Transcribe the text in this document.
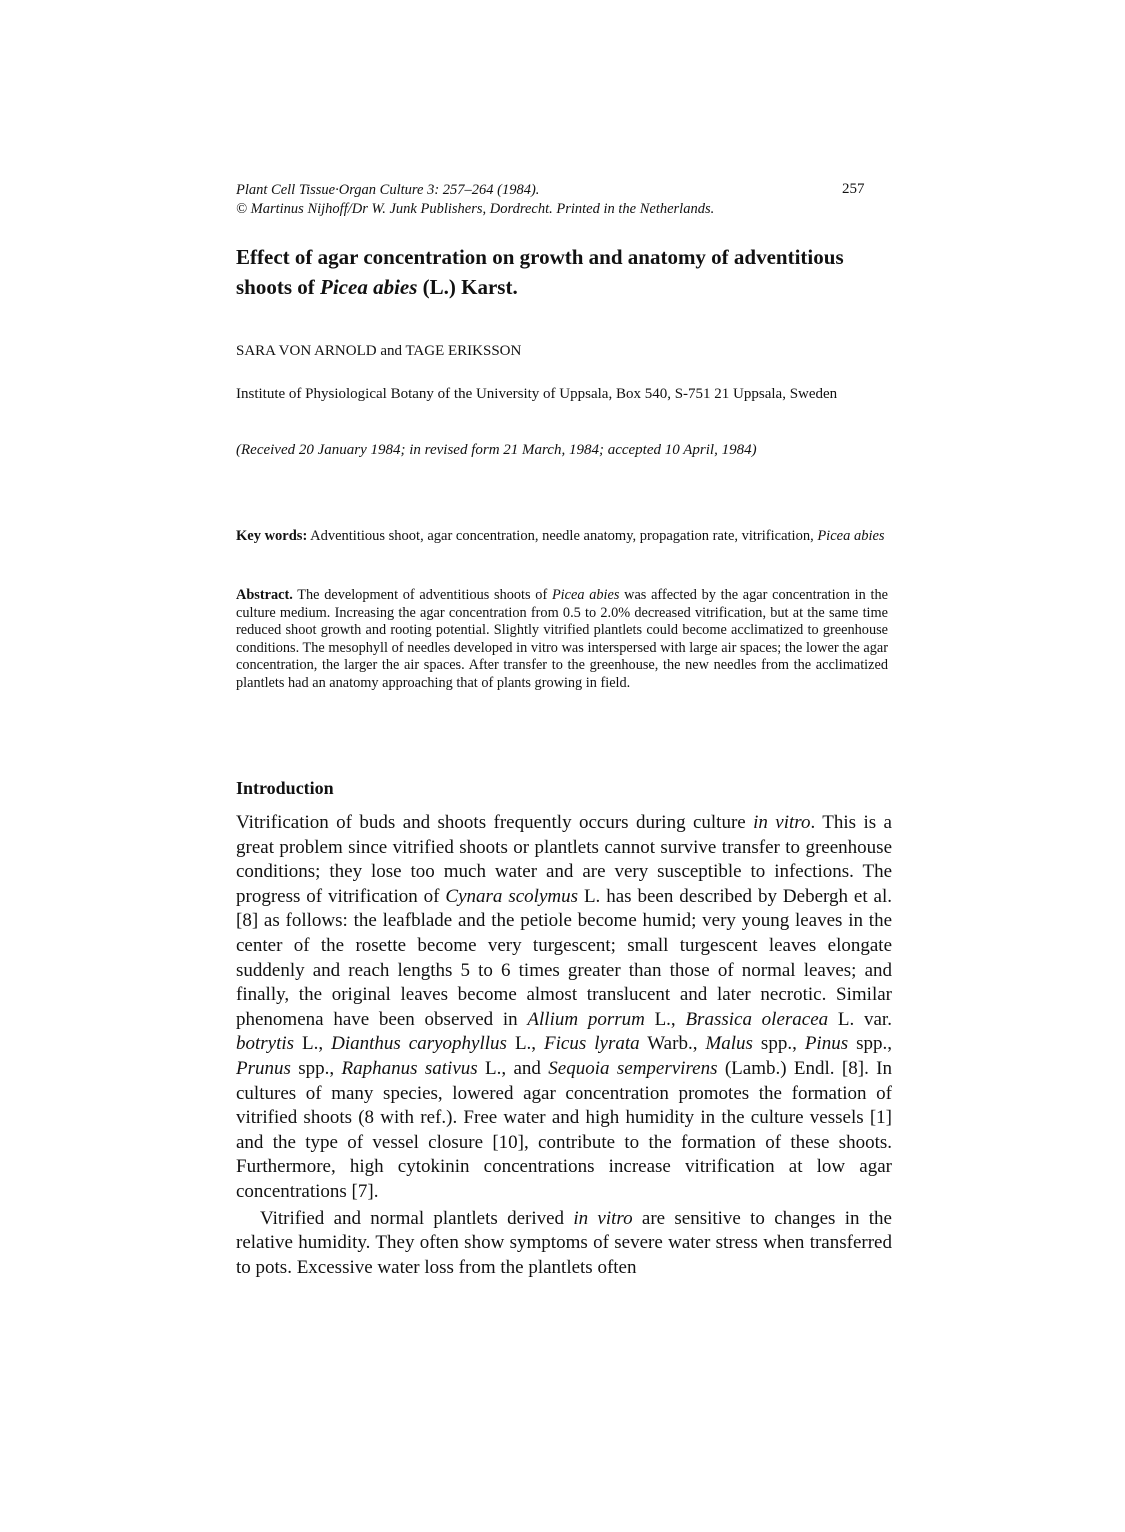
Plant Cell Tissue·Organ Culture 3: 257–264 (1984).
© Martinus Nijhoff/Dr W. Junk Publishers, Dordrecht. Printed in the Netherlands.
257
Effect of agar concentration on growth and anatomy of adventitious shoots of Picea abies (L.) Karst.
SARA VON ARNOLD and TAGE ERIKSSON
Institute of Physiological Botany of the University of Uppsala, Box 540, S-751 21 Uppsala, Sweden
(Received 20 January 1984; in revised form 21 March, 1984; accepted 10 April, 1984)
Key words: Adventitious shoot, agar concentration, needle anatomy, propagation rate, vitrification, Picea abies
Abstract. The development of adventitious shoots of Picea abies was affected by the agar concentration in the culture medium. Increasing the agar concentration from 0.5 to 2.0% decreased vitrification, but at the same time reduced shoot growth and rooting potential. Slightly vitrified plantlets could become acclimatized to greenhouse conditions. The mesophyll of needles developed in vitro was interspersed with large air spaces; the lower the agar concentration, the larger the air spaces. After transfer to the greenhouse, the new needles from the acclimatized plantlets had an anatomy approaching that of plants growing in field.
Introduction

Vitrification of buds and shoots frequently occurs during culture in vitro. This is a great problem since vitrified shoots or plantlets cannot survive transfer to greenhouse conditions; they lose too much water and are very susceptible to infections. The progress of vitrification of Cynara scolymus L. has been described by Debergh et al. [8] as follows: the leafblade and the petiole become humid; very young leaves in the center of the rosette become very turgescent; small turgescent leaves elongate suddenly and reach lengths 5 to 6 times greater than those of normal leaves; and finally, the original leaves become almost translucent and later necrotic. Similar phenomena have been observed in Allium porrum L., Brassica oleracea L. var. botrytis L., Dianthus caryophyllus L., Ficus lyrata Warb., Malus spp., Pinus spp., Prunus spp., Raphanus sativus L., and Sequoia sempervirens (Lamb.) Endl. [8]. In cultures of many species, lowered agar concentration promotes the formation of vitrified shoots (8 with ref.). Free water and high humidity in the culture vessels [1] and the type of vessel closure [10], contribute to the formation of these shoots. Furthermore, high cytokinin concentrations increase vitrification at low agar concentrations [7].

Vitrified and normal plantlets derived in vitro are sensitive to changes in the relative humidity. They often show symptoms of severe water stress when transferred to pots. Excessive water loss from the plantlets often
